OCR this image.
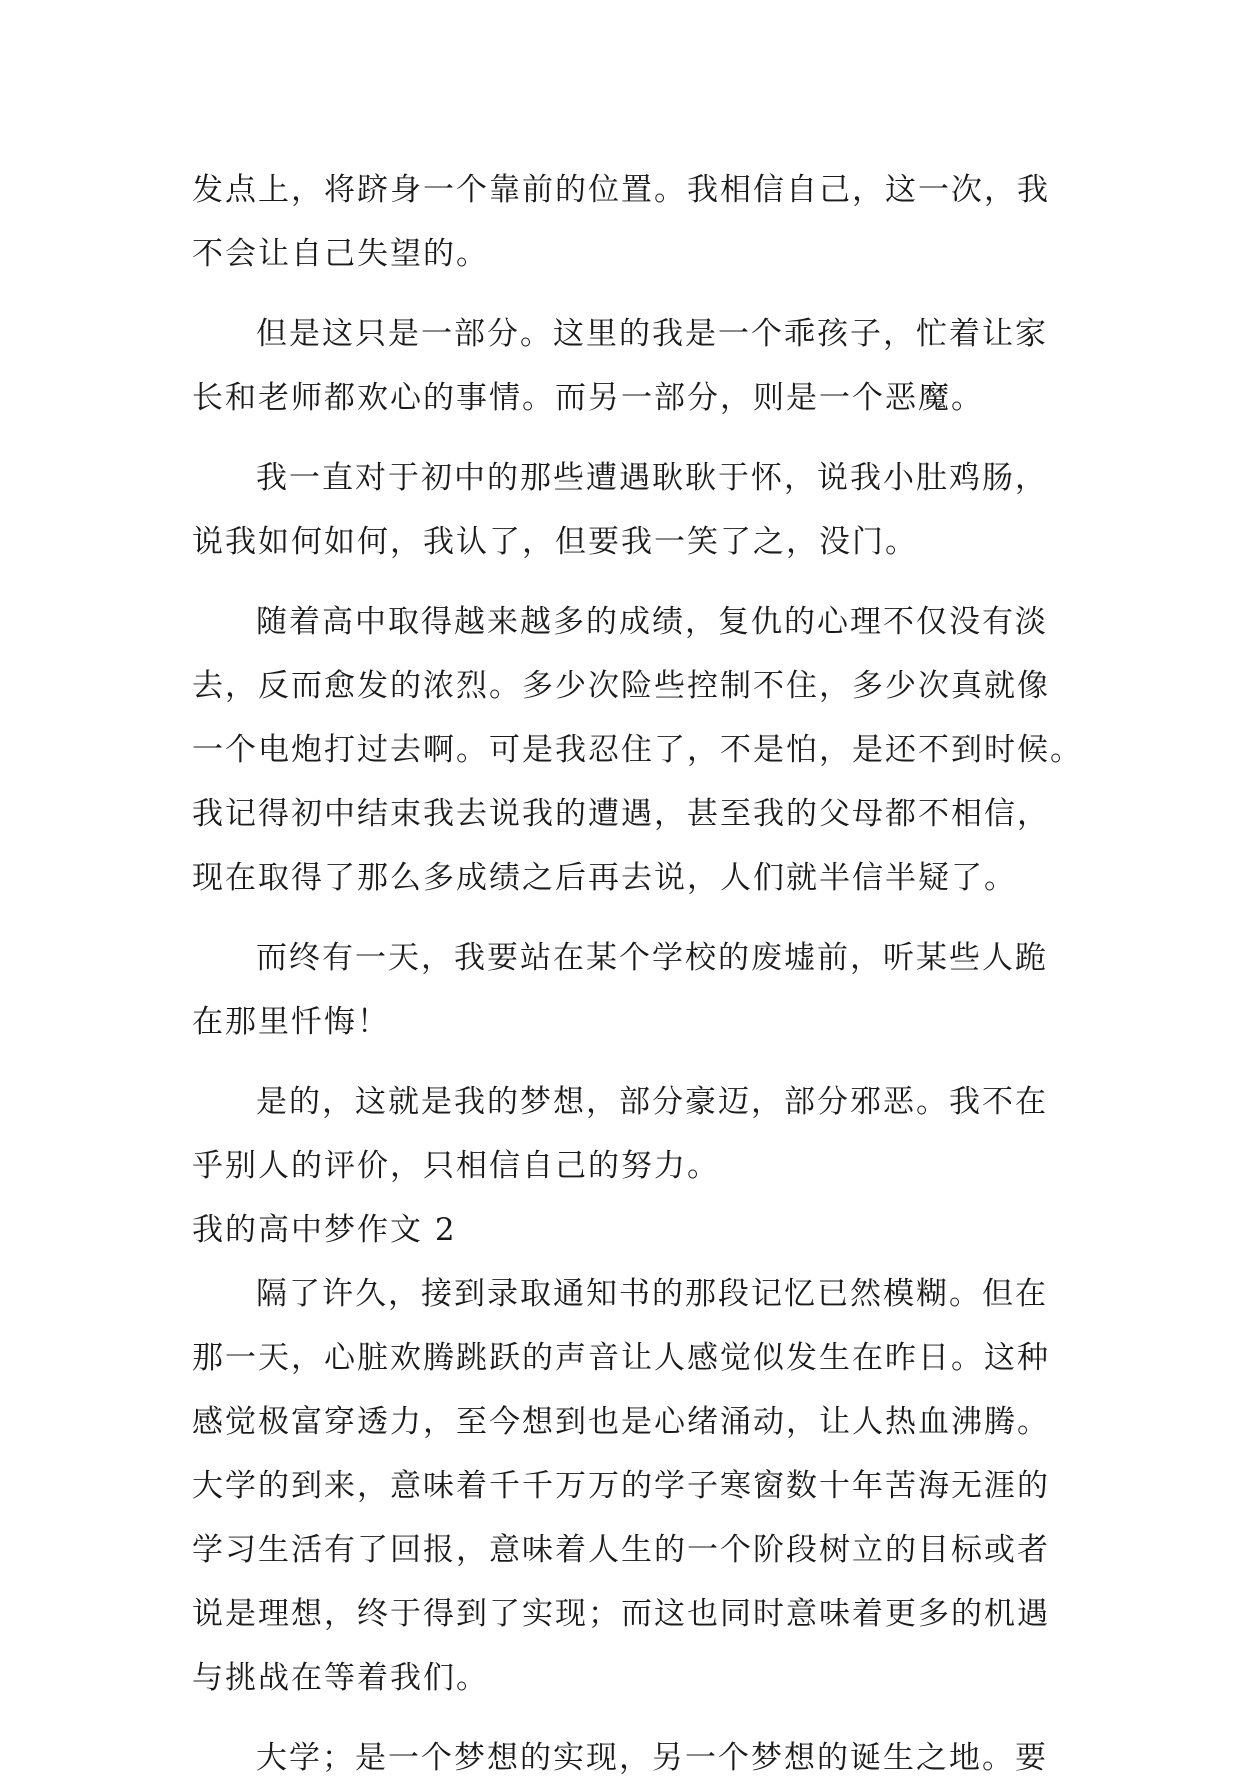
发点上，将跻身一个靠前的位置。我相信自己，这一次，我
不会让自己失望的。
但是这只是一部分。这里的我是一个乖孩子，忙着让家
长和老师都欢心的事情。而另一部分，则是一个恶魔。
我一直对于初中的那些遭遇耿耿于怀，说我小肚鸡肠，
说我如何如何，我认了，但要我一笑了之，没门。
随着高中取得越来越多的成绩，复仇的心理不仅没有淡
去，反而愈发的浓烈。多少次险些控制不住，多少次真就像
一个电炮打过去啊。可是我忍住了，不是怕，是还不到时候。
我记得初中结束我去说我的遭遇，甚至我的父母都不相信，
现在取得了那么多成绩之后再去说，人们就半信半疑了。
而终有一天，我要站在某个学校的废墟前，听某些人跪
在那里忏悔！
是的，这就是我的梦想，部分豪迈，部分邪恶。我不在
乎别人的评价，只相信自己的努力。
我的高中梦作文 2
隔了许久，接到录取通知书的那段记忆已然模糊。但在
那一天，心脏欢腾跳跃的声音让人感觉似发生在昨日。这种
感觉极富穿透力，至今想到也是心绪涌动，让人热血沸腾。
大学的到来，意味着千千万万的学子寒窗数十年苦海无涯的
学习生活有了回报，意味着人生的一个阶段树立的目标或者
说是理想，终于得到了实现；而这也同时意味着更多的机遇
与挑战在等着我们。
大学；是一个梦想的实现，另一个梦想的诞生之地。要
